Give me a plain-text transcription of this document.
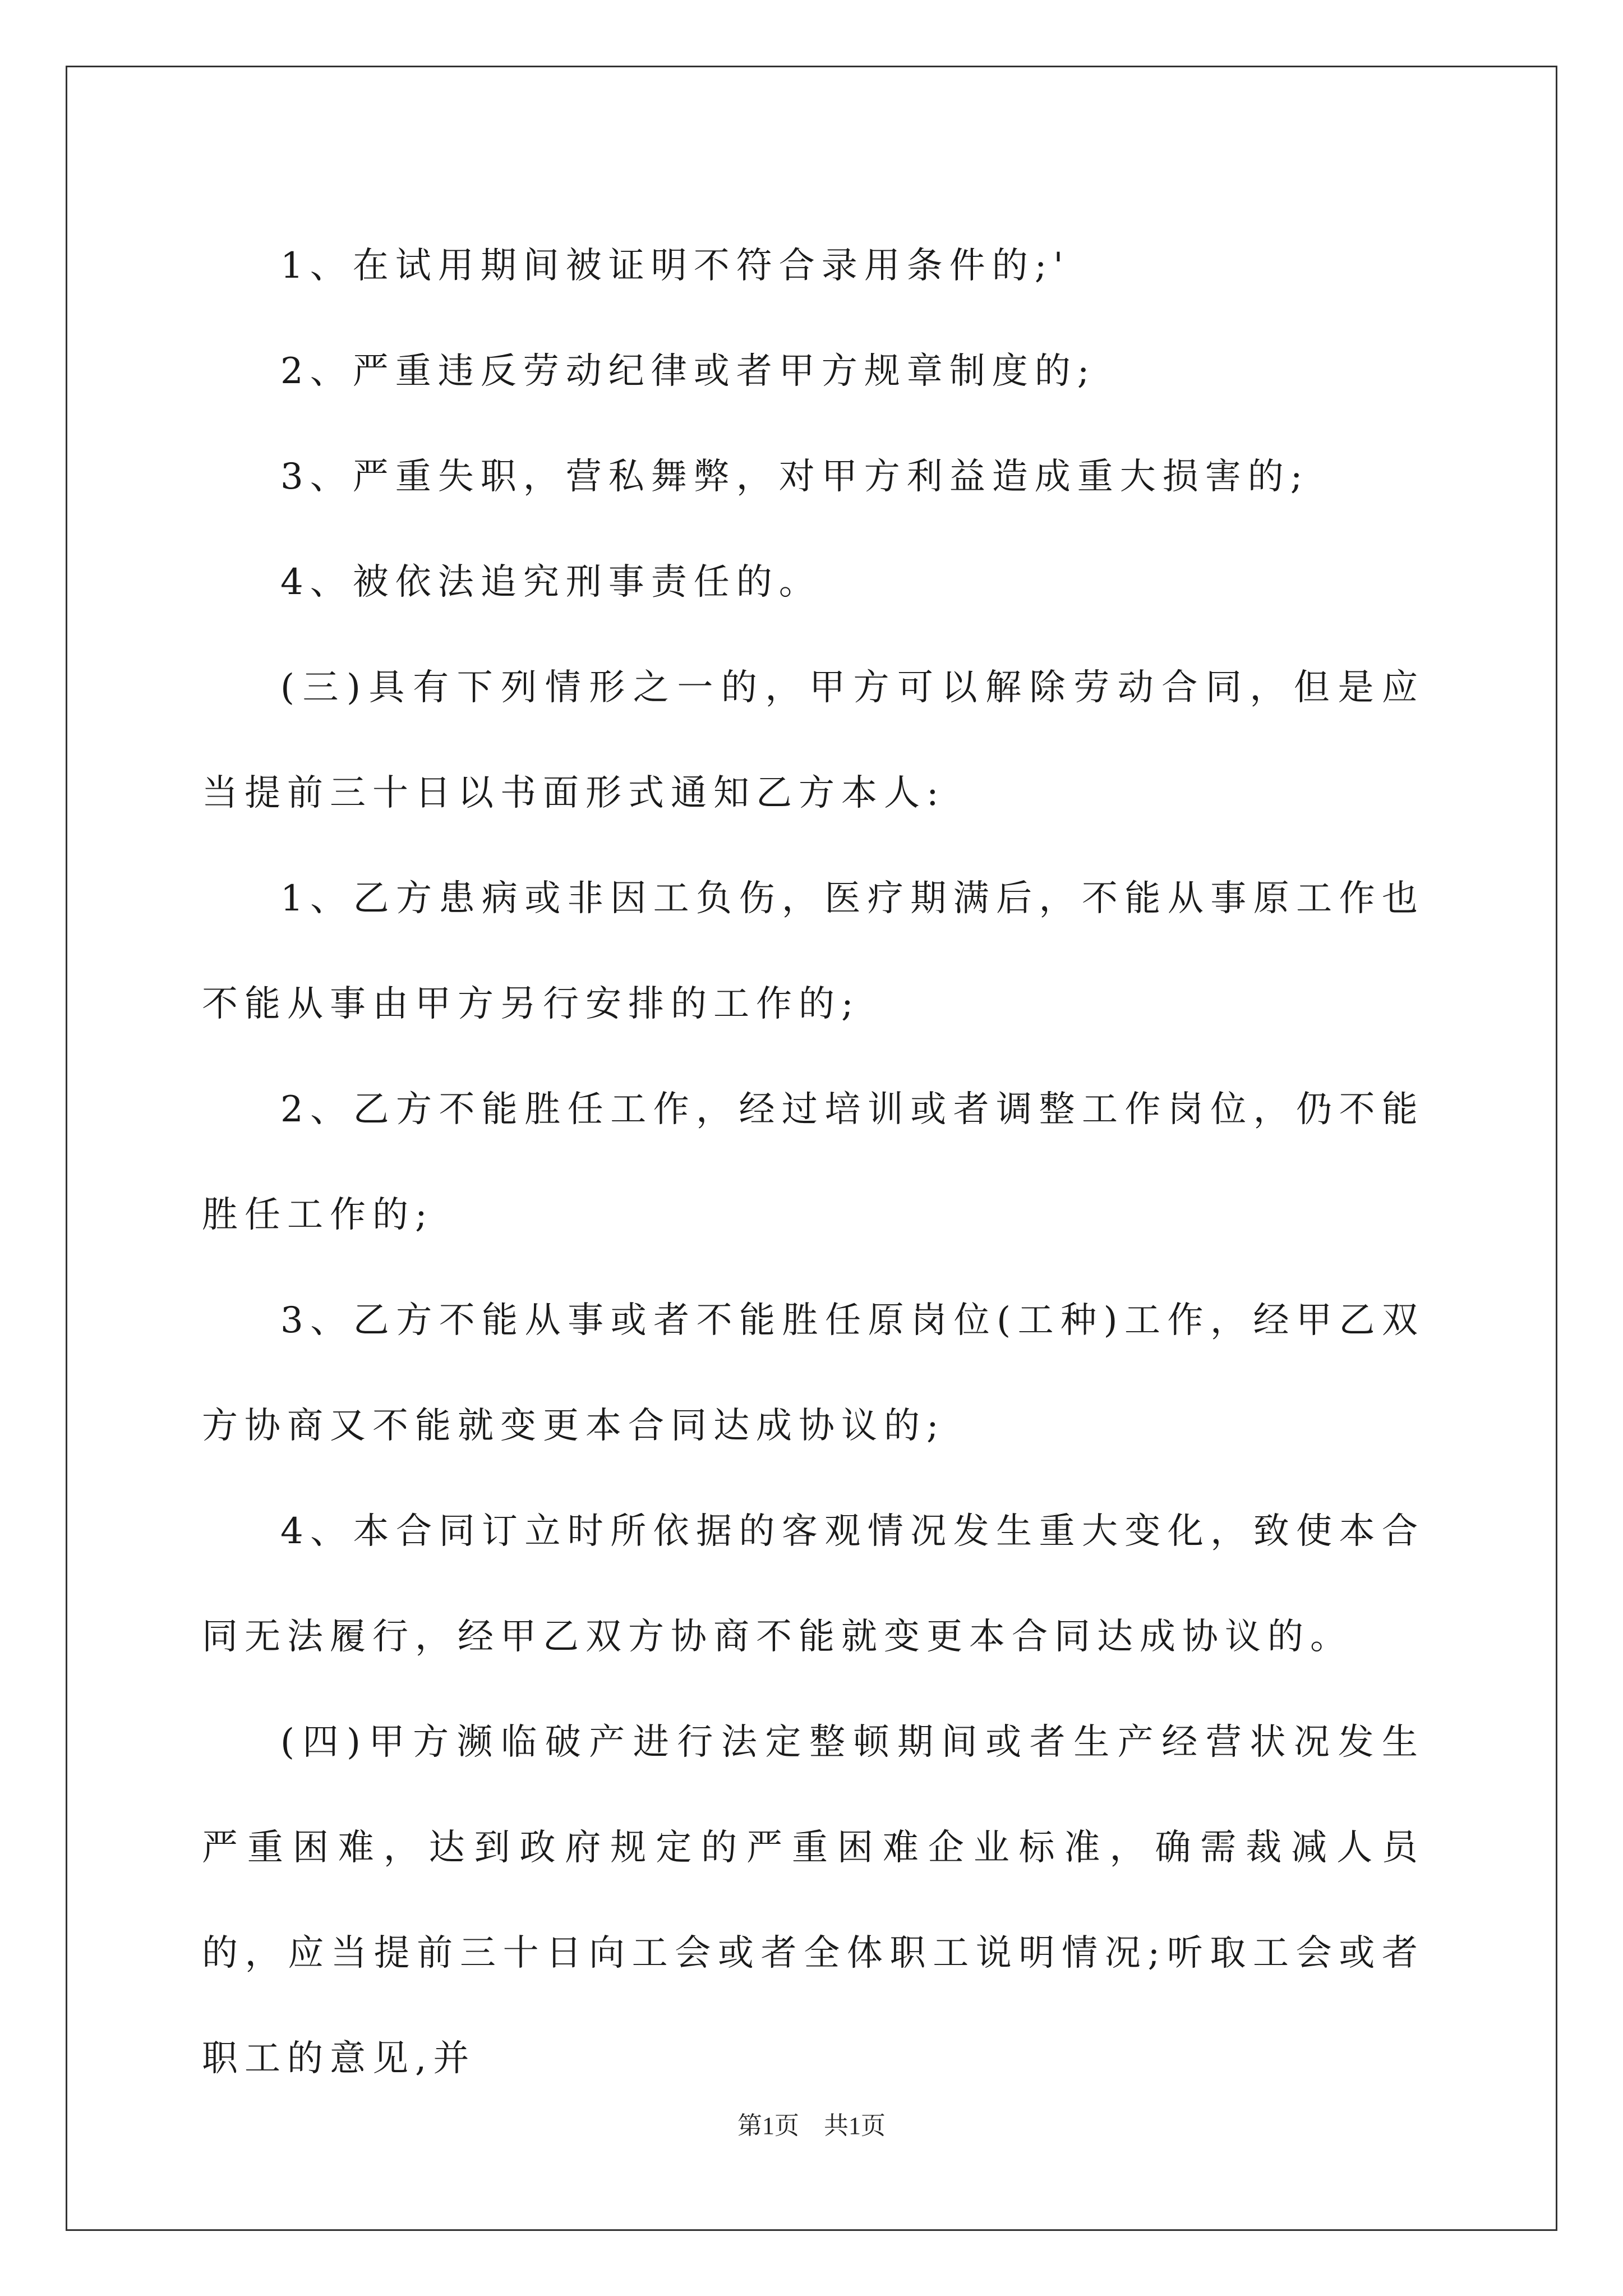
1、在试用期间被证明不符合录用条件的;'

2、严重违反劳动纪律或者甲方规章制度的;

3、严重失职，营私舞弊，对甲方利益造成重大损害的;

4、被依法追究刑事责任的。

(三)具有下列情形之一的，甲方可以解除劳动合同，但是应当提前三十日以书面形式通知乙方本人:

1、乙方患病或非因工负伤，医疗期满后，不能从事原工作也不能从事由甲方另行安排的工作的;

2、乙方不能胜任工作，经过培训或者调整工作岗位，仍不能胜任工作的;

3、乙方不能从事或者不能胜任原岗位(工种)工作，经甲乙双方协商又不能就变更本合同达成协议的;

4、本合同订立时所依据的客观情况发生重大变化，致使本合同无法履行，经甲乙双方协商不能就变更本合同达成协议的。

(四)甲方濒临破产进行法定整顿期间或者生产经营状况发生严重困难，达到政府规定的严重困难企业标准，确需裁减人员的，应当提前三十日向工会或者全体职工说明情况;听取工会或者职工的意见,并

第1页　共1页
